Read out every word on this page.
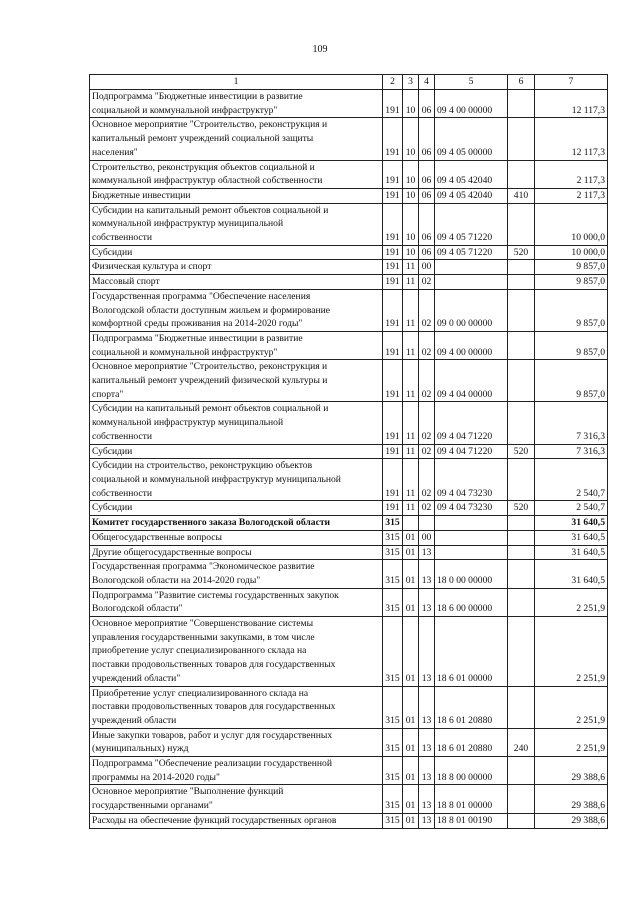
109
1	2	3	4	5	6	7
Подпрограмма "Бюджетные инвестиции в развитие
социальной и коммунальной инфраструктур"	191	10	06	09 4 00 00000		12 117,3
Основное мероприятие "Строительство, реконструкция и
капитальный ремонт учреждений социальной защиты
населения"	191	10	06	09 4 05 00000		12 117,3
Строительство, реконструкция объектов социальной и
коммунальной инфраструктур областной собственности	191	10	06	09 4 05 42040		2 117,3
Бюджетные инвестиции	191	10	06	09 4 05 42040	410	2 117,3
Субсидии на капитальный ремонт объектов социальной и
коммунальной инфраструктур муниципальной
собственности	191	10	06	09 4 05 71220		10 000,0
Субсидии	191	10	06	09 4 05 71220	520	10 000,0
Физическая культура и спорт	191	11	00			9 857,0
Массовый спорт	191	11	02			9 857,0
Государственная программа "Обеспечение населения
Вологодской области доступным жильем и формирование
комфортной среды проживания на 2014-2020 годы"	191	11	02	09 0 00 00000		9 857,0
Подпрограмма "Бюджетные инвестиции в развитие
социальной и коммунальной инфраструктур"	191	11	02	09 4 00 00000		9 857,0
Основное мероприятие "Строительство, реконструкция и
капитальный ремонт учреждений физической культуры и
спорта"	191	11	02	09 4 04 00000		9 857,0
Субсидии на капитальный ремонт объектов социальной и
коммунальной инфраструктур муниципальной
собственности	191	11	02	09 4 04 71220		7 316,3
Субсидии	191	11	02	09 4 04 71220	520	7 316,3
Субсидии на строительство, реконструкцию объектов
социальной и коммунальной инфраструктур муниципальной
собственности	191	11	02	09 4 04 73230		2 540,7
Субсидии	191	11	02	09 4 04 73230	520	2 540,7
Комитет государственного заказа Вологодской области	315					31 640,5
Общегосударственные вопросы	315	01	00			31 640,5
Другие общегосударственные вопросы	315	01	13			31 640,5
Государственная программа "Экономическое развитие
Вологодской области на 2014-2020 годы"	315	01	13	18 0 00 00000		31 640,5
Подпрограмма "Развитие системы государственных закупок
Вологодской области"	315	01	13	18 6 00 00000		2 251,9
Основное мероприятие "Совершенствование системы
управления государственными закупками, в том числе
приобретение услуг специализированного склада на
поставки продовольственных товаров для государственных
учреждений области"	315	01	13	18 6 01 00000		2 251,9
Приобретение услуг специализированного склада на
поставки продовольственных товаров для государственных
учреждений области	315	01	13	18 6 01 20880		2 251,9
Иные закупки товаров, работ и услуг для государственных
(муниципальных) нужд	315	01	13	18 6 01 20880	240	2 251,9
Подпрограмма "Обеспечение реализации государственной
программы на 2014-2020 годы"	315	01	13	18 8 00 00000		29 388,6
Основное мероприятие "Выполнение функций
государственными органами"	315	01	13	18 8 01 00000		29 388,6
Расходы на обеспечение функций государственных органов	315	01	13	18 8 01 00190		29 388,6
